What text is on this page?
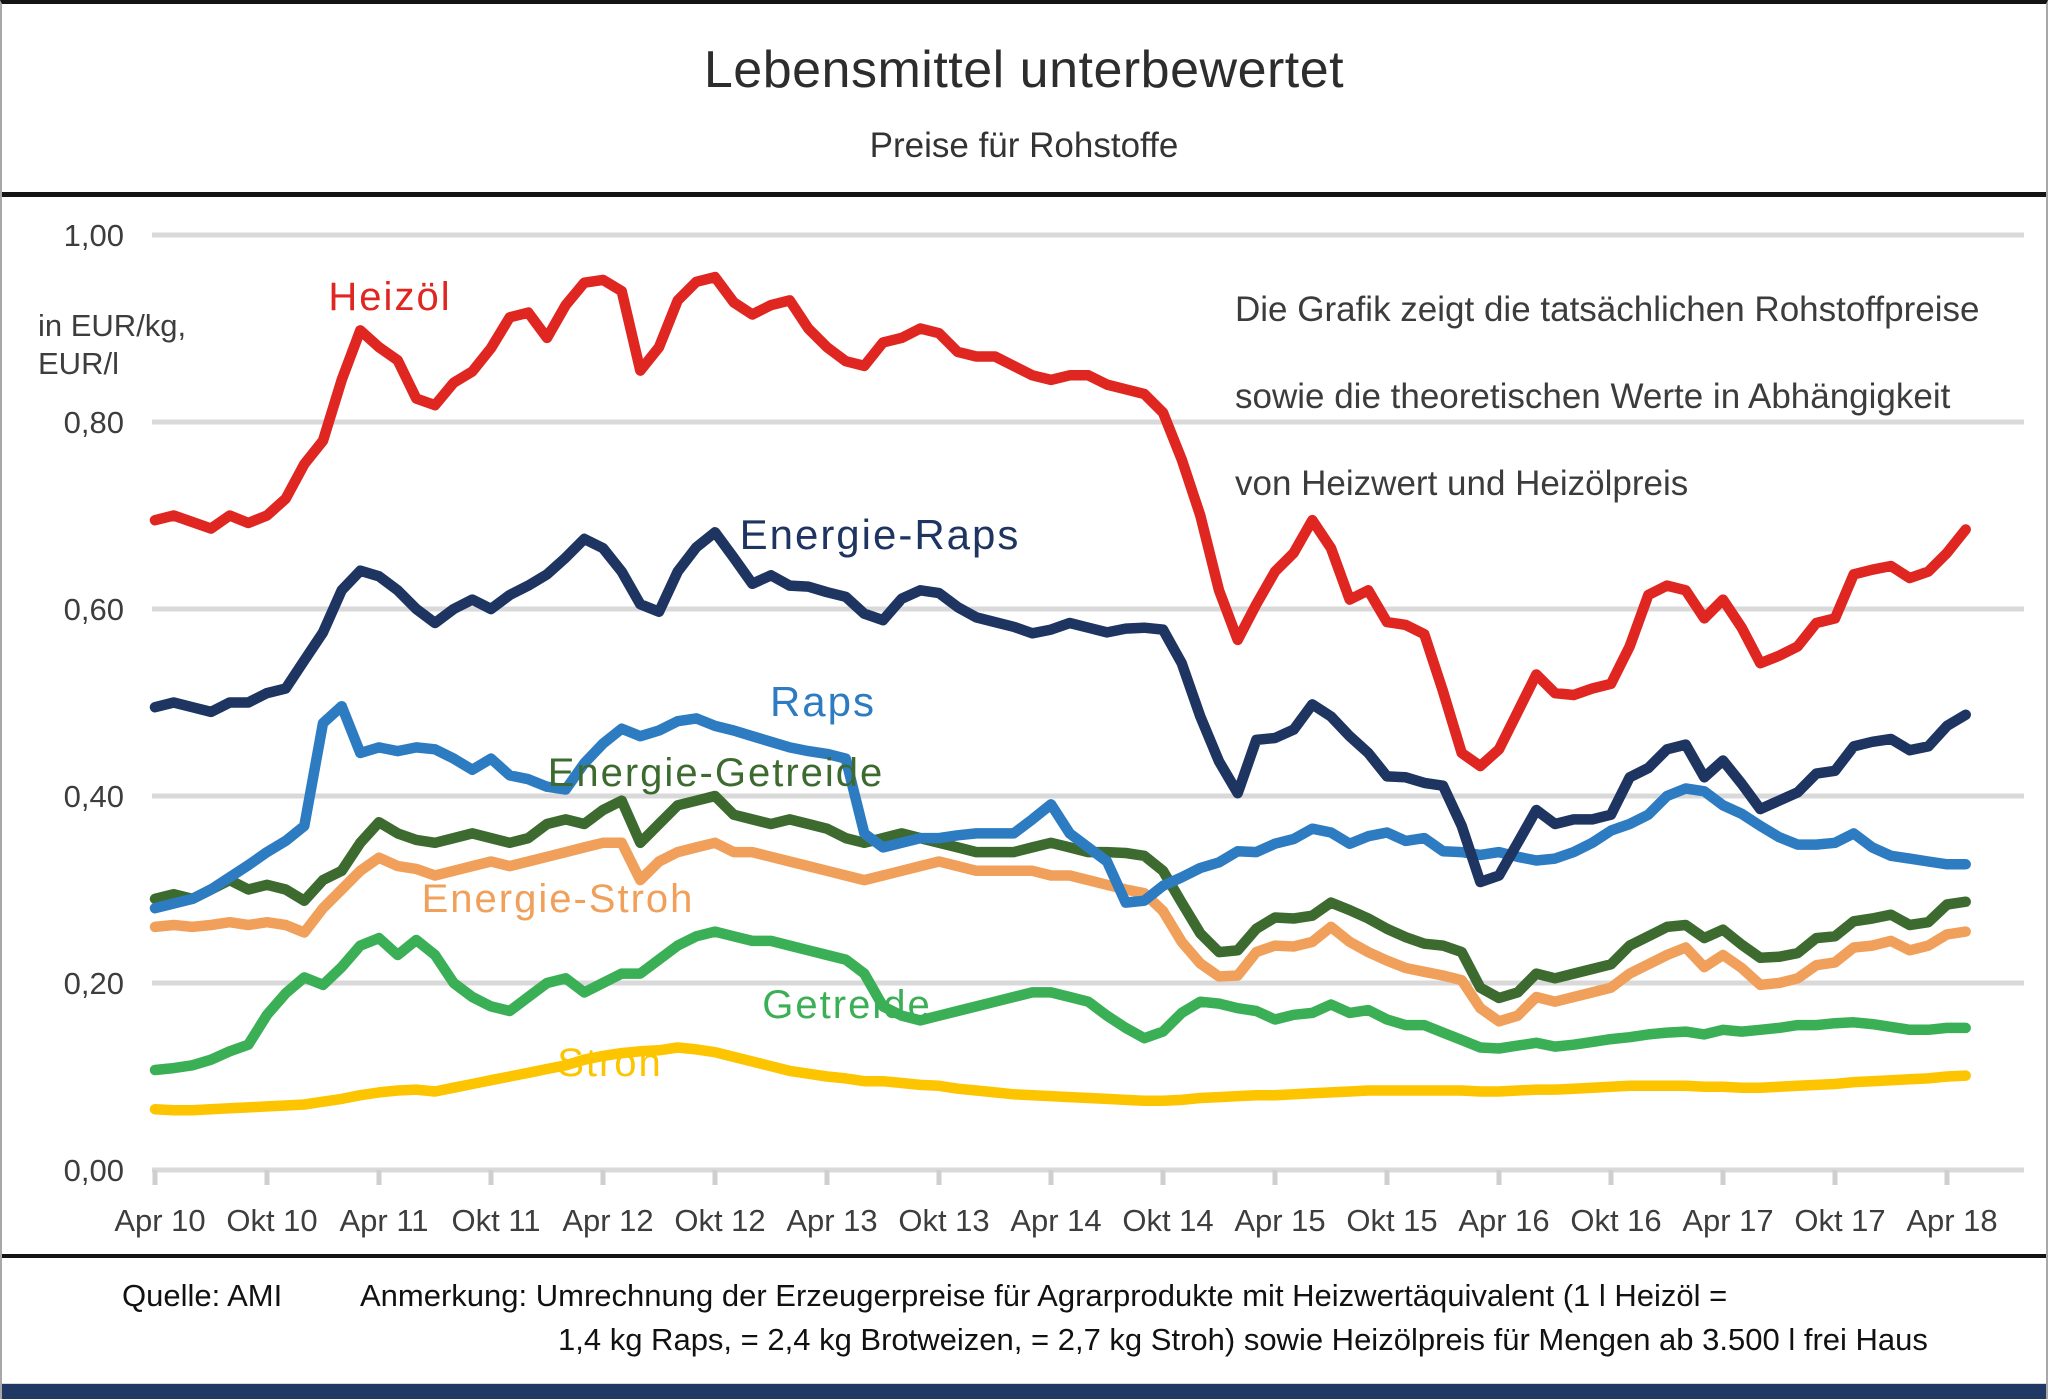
Lebensmittel unterbewertet
Preise für Rohstoffe
0,00
0,20
0,40
0,60
0,80
1,00
Apr 10 Okt 10 Apr 11 Okt 11 Apr 12 Okt 12 Apr 13 Okt 13 Apr 14 Okt 14 Apr 15 Okt 15 Apr 16 Okt 16 Apr 17 Okt 17 Apr 18
Heizöl
Energie-Raps
Raps
Energie-Getreide
Energie-Stroh
Getreide
Stroh
in EUR/kg,
EUR/l
Die Grafik zeigt die tatsächlichen Rohstoffpreise
sowie die theoretischen Werte in Abhängigkeit
von Heizwert und Heizölpreis
Quelle: AMI	Anmerkung: Umrechnung der Erzeugerpreise für Agrarprodukte mit Heizwertäquivalent (1 l Heizöl =
1,4 kg Raps, = 2,4 kg Brotweizen, = 2,7 kg Stroh) sowie Heizölpreis für Mengen ab 3.500 l frei Haus
